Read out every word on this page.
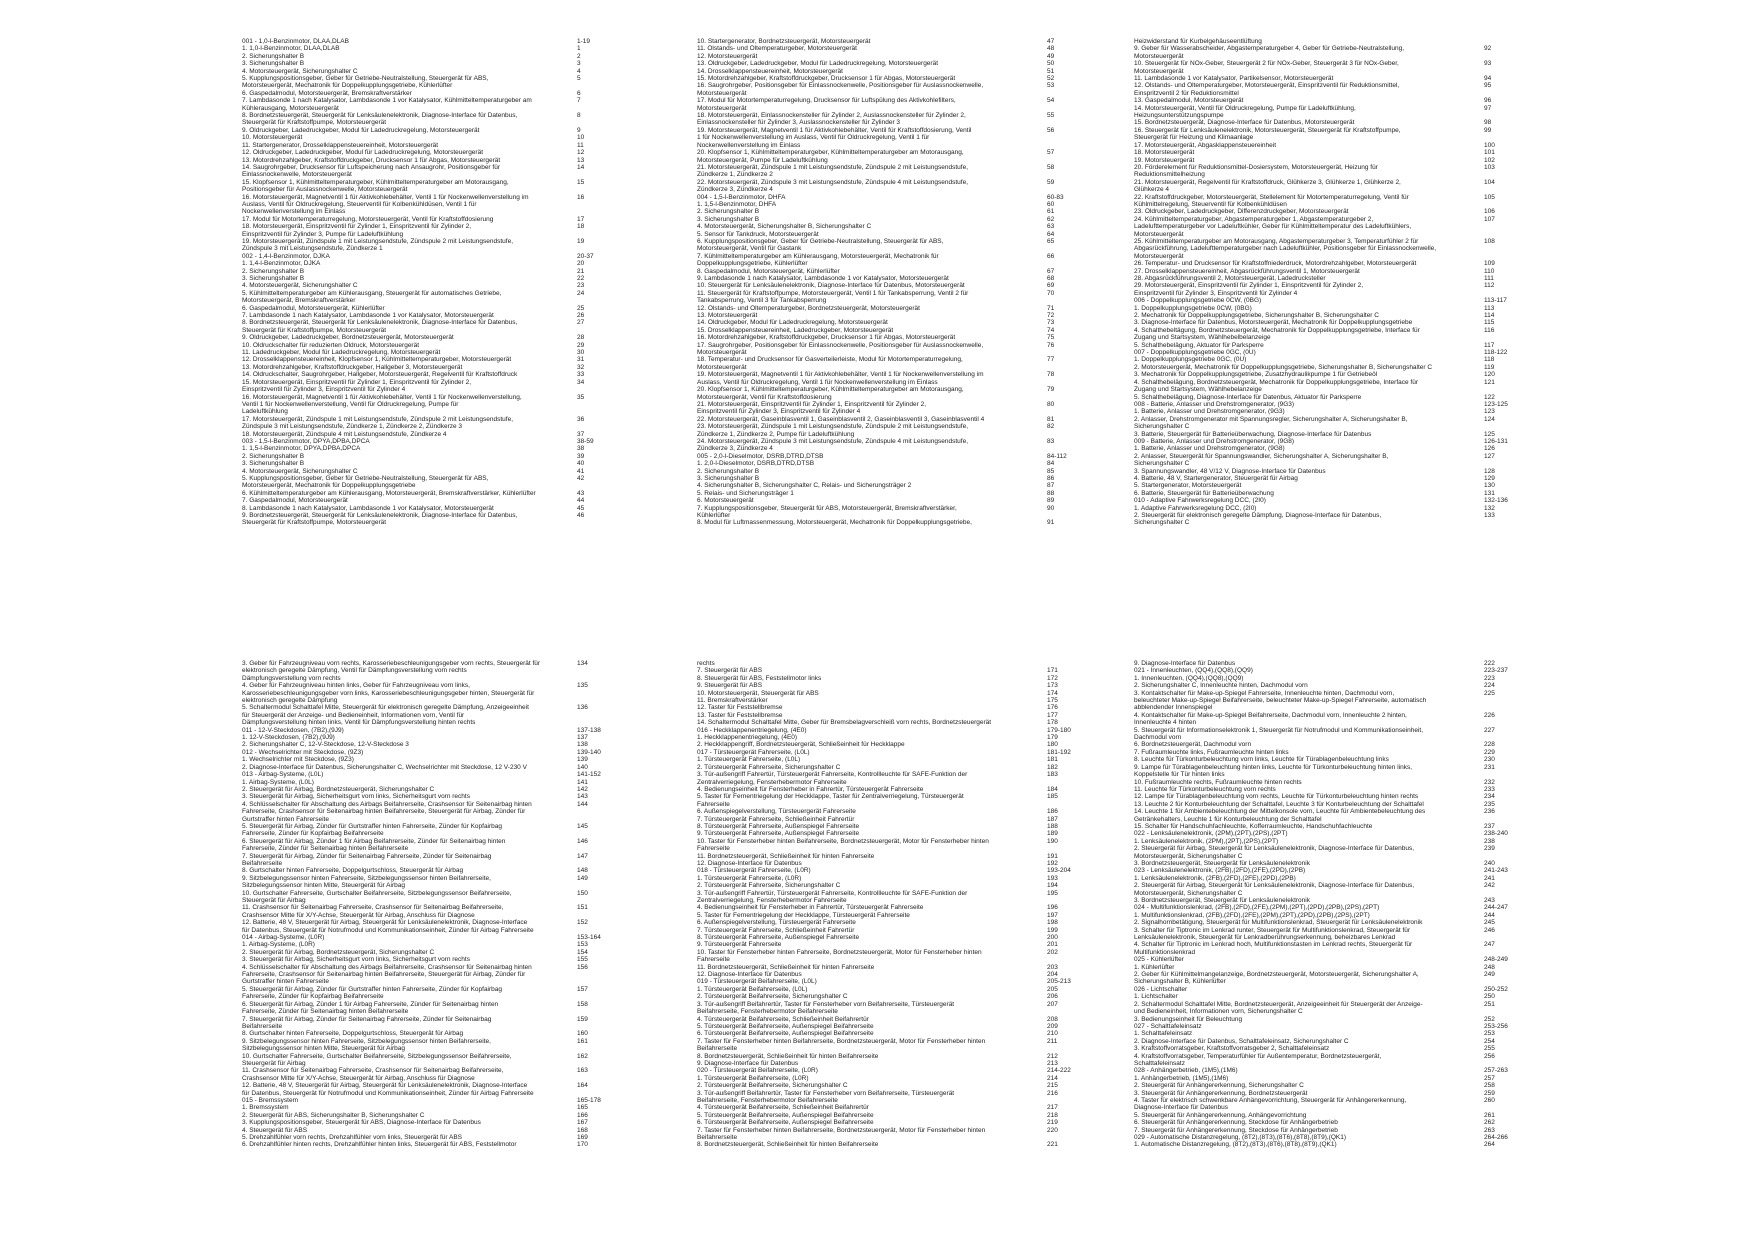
001 - 1,0-l-Benzinmotor, DLAA,DLAB	1-19
1. 1,0-l-Benzinmotor, DLAA,DLAB	1
2. Sicherungshalter B	2
3. Sicherungshalter B	3
4. Motorsteuergerät, Sicherungshalter C	4
5. Kupplungspositionsgeber, Geber für Getriebe-Neutralstellung, Steuergerät für ABS,	5
Motorsteuergerät, Mechatronik für Doppelkupplungsgetriebe, Kühlerlüfter
6. Gaspedalmodul, Motorsteuergerät, Bremskraftverstärker	6
7. Lambdasonde 1 nach Katalysator, Lambdasonde 1 vor Katalysator, Kühlmitteltemperaturgeber am	7
Kühlerausgang, Motorsteuergerät
8. Bordnetzsteuergerät, Steuergerät für Lenksäulenelektronik, Diagnose-Interface für Datenbus,	8
Steuergerät für Kraftstoffpumpe, Motorsteuergerät
9. Öldruckgeber, Ladedruckgeber, Modul für Ladedruckregelung, Motorsteuergerät	9
10. Motorsteuergerät	10
11. Startergenerator, Drosselklappensteuereinheit, Motorsteuergerät	11
12. Öldruckgeber, Ladedruckgeber, Modul für Ladedruckregelung, Motorsteuergerät	12
13. Motordrehzahlgeber, Kraftstoffdruckgeber, Drucksensor 1 für Abgas, Motorsteuergerät	13
14. Saugrohrgeber, Drucksensor für Luftspeicherung nach Ansaugrohr, Positionsgeber für	14
Einlassnockenwelle, Motorsteuergerät
15. Klopfsensor 1, Kühlmitteltemperaturgeber, Kühlmitteltemperaturgeber am Motorausgang,	15
Positionsgeber für Auslassnockenwelle, Motorsteuergerät
16. Motorsteuergerät, Magnetventil 1 für Aktivkohlebehälter, Ventil 1 für Nockenwellenverstellung im	16
Auslass, Ventil für Öldruckregelung, Steuerventil für Kolbenkühldüsen, Ventil 1 für
Nockenwellenverstellung im Einlass
17. Modul für Motortemperaturregelung, Motorsteuergerät, Ventil für Kraftstoffdosierung	17
18. Motorsteuergerät, Einspritzventil für Zylinder 1, Einspritzventil für Zylinder 2,	18
Einspritzventil für Zylinder 3, Pumpe für Ladeluftkühlung
19. Motorsteuergerät, Zündspule 1 mit Leistungsendstufe, Zündspule 2 mit Leistungsendstufe,	19
Zündspule 3 mit Leistungsendstufe, Zündkerze 1
002 - 1,4-l-Benzinmotor, DJKA	20-37
1. 1,4-l-Benzinmotor, DJKA	20
2. Sicherungshalter B	21
3. Sicherungshalter B	22
4. Motorsteuergerät, Sicherungshalter C	23
5. Kühlmitteltemperaturgeber am Kühlerausgang, Steuergerät für automatisches Getriebe,	24
Motorsteuergerät, Bremskraftverstärker
6. Gaspedalmodul, Motorsteuergerät, Kühlerlüfter	25
7. Lambdasonde 1 nach Katalysator, Lambdasonde 1 vor Katalysator, Motorsteuergerät	26
8. Bordnetzsteuergerät, Steuergerät für Lenksäulenelektronik, Diagnose-Interface für Datenbus,	27
Steuergerät für Kraftstoffpumpe, Motorsteuergerät
9. Öldruckgeber, Ladedruckgeber, Bordnetzsteuergerät, Motorsteuergerät	28
10. Öldruckschalter für reduzierten Öldruck, Motorsteuergerät	29
11. Ladedruckgeber, Modul für Ladedruckregelung, Motorsteuergerät	30
12. Drosselklappensteuereinheit, Klopfsensor 1, Kühlmitteltemperaturgeber, Motorsteuergerät	31
13. Motordrehzahlgeber, Kraftstoffdruckgeber, Hallgeber 3, Motorsteuergerät	32
14. Öldruckschalter, Saugrohrgeber, Hallgeber, Motorsteuergerät, Regelventil für Kraftstoffdruck	33
15. Motorsteuergerät, Einspritzventil für Zylinder 1, Einspritzventil für Zylinder 2,	34
Einspritzventil für Zylinder 3, Einspritzventil für Zylinder 4
16. Motorsteuergerät, Magnetventil 1 für Aktivkohlebehälter, Ventil 1 für Nockenwellenverstellung,	35
Ventil 1 für Nockenwellenverstellung, Ventil für Öldruckregelung, Pumpe für
Ladeluftkühlung
17. Motorsteuergerät, Zündspule 1 mit Leistungsendstufe, Zündspule 2 mit Leistungsendstufe,	36
Zündspule 3 mit Leistungsendstufe, Zündkerze 1, Zündkerze 2, Zündkerze 3
18. Motorsteuergerät, Zündspule 4 mit Leistungsendstufe, Zündkerze 4	37
003 - 1,5-l-Benzinmotor, DPYA,DPBA,DPCA	38-59
1. 1,5-l-Benzinmotor, DPYA,DPBA,DPCA	38
2. Sicherungshalter B	39
3. Sicherungshalter B	40
4. Motorsteuergerät, Sicherungshalter C	41
5. Kupplungspositionsgeber, Geber für Getriebe-Neutralstellung, Steuergerät für ABS,	42
Motorsteuergerät, Mechatronik für Doppelkupplungsgetriebe
6. Kühlmitteltemperaturgeber am Kühlerausgang, Motorsteuergerät, Bremskraftverstärker, Kühlerlüfter	43
7. Gaspedalmodul, Motorsteuergerät	44
8. Lambdasonde 1 nach Katalysator, Lambdasonde 1 vor Katalysator, Motorsteuergerät	45
9. Bordnetzsteuergerät, Steuergerät für Lenksäulenelektronik, Diagnose-Interface für Datenbus,	46
Steuergerät für Kraftstoffpumpe, Motorsteuergerät
10. Startergenerator, Bordnetzsteuergerät, Motorsteuergerät	47
11. Ölstands- und Öltemperaturgeber, Motorsteuergerät	48
12. Motorsteuergerät	49
13. Öldruckgeber, Ladedruckgeber, Modul für Ladedruckregelung, Motorsteuergerät	50
14. Drosselklappensteuereinheit, Motorsteuergerät	51
15. Motordrehzahlgeber, Kraftstoffdruckgeber, Drucksensor 1 für Abgas, Motorsteuergerät	52
16. Saugrohrgeber, Positionsgeber für Einlassnockenwelle, Positionsgeber für Auslassnockenwelle,	53
Motorsteuergerät
17. Modul für Motortemperaturregelung, Drucksensor für Luftspülung des Aktivkohlefilters,	54
Motorsteuergerät
18. Motorsteuergerät, Einlassnockensteller für Zylinder 2, Auslassnockensteller für Zylinder 2,	55
Einlassnockensteller für Zylinder 3, Auslassnockensteller für Zylinder 3
19. Motorsteuergerät, Magnetventil 1 für Aktivkohlebehälter, Ventil für Kraftstoffdosierung, Ventil	56
1 für Nockenwellenverstellung im Auslass, Ventil für Öldruckregelung, Ventil 1 für
Nockenwellenverstellung im Einlass
20. Klopfsensor 1, Kühlmitteltemperaturgeber, Kühlmitteltemperaturgeber am Motorausgang,	57
Motorsteuergerät, Pumpe für Ladeluftkühlung
21. Motorsteuergerät, Zündspule 1 mit Leistungsendstufe, Zündspule 2 mit Leistungsendstufe,	58
Zündkerze 1, Zündkerze 2
22. Motorsteuergerät, Zündspule 3 mit Leistungsendstufe, Zündspule 4 mit Leistungsendstufe,	59
Zündkerze 3, Zündkerze 4
004 - 1,5-l-Benzinmotor, DHFA	60-83
1. 1,5-l-Benzinmotor, DHFA	60
2. Sicherungshalter B	61
3. Sicherungshalter B	62
4. Motorsteuergerät, Sicherungshalter B, Sicherungshalter C	63
5. Sensor für Tankdruck, Motorsteuergerät	64
6. Kupplungspositionsgeber, Geber für Getriebe-Neutralstellung, Steuergerät für ABS,	65
Motorsteuergerät, Ventil für Gastank
7. Kühlmitteltemperaturgeber am Kühlerausgang, Motorsteuergerät, Mechatronik für	66
Doppelkupplungsgetriebe, Kühlerlüfter
8. Gaspedalmodul, Motorsteuergerät, Kühlerlüfter	67
9. Lambdasonde 1 nach Katalysator, Lambdasonde 1 vor Katalysator, Motorsteuergerät	68
10. Steuergerät für Lenksäulenelektronik, Diagnose-Interface für Datenbus, Motorsteuergerät	69
11. Steuergerät für Kraftstoffpumpe, Motorsteuergerät, Ventil 1 für Tankabsperrung, Ventil 2 für	70
Tankabsperrung, Ventil 3 für Tankabsperrung
12. Ölstands- und Öltemperaturgeber, Bordnetzsteuergerät, Motorsteuergerät	71
13. Motorsteuergerät	72
14. Öldruckgeber, Modul für Ladedruckregelung, Motorsteuergerät	73
15. Drosselklappensteuereinheit, Ladedruckgeber, Motorsteuergerät	74
16. Motordrehzahlgeber, Kraftstoffdruckgeber, Drucksensor 1 für Abgas, Motorsteuergerät	75
17. Saugrohrgeber, Positionsgeber für Einlassnockenwelle, Positionsgeber für Auslassnockenwelle,	76
Motorsteuergerät
18. Temperatur- und Drucksensor für Gasverteilerleiste, Modul für Motortemperaturregelung,	77
Motorsteuergerät
19. Motorsteuergerät, Magnetventil 1 für Aktivkohlebehälter, Ventil 1 für Nockenwellenverstellung im	78
Auslass, Ventil für Öldruckregelung, Ventil 1 für Nockenwellenverstellung im Einlass
20. Klopfsensor 1, Kühlmitteltemperaturgeber, Kühlmitteltemperaturgeber am Motorausgang,	79
Motorsteuergerät, Ventil für Kraftstoffdosierung
21. Motorsteuergerät, Einspritzventil für Zylinder 1, Einspritzventil für Zylinder 2,	80
Einspritzventil für Zylinder 3, Einspritzventil für Zylinder 4
22. Motorsteuergerät, Gaseinblasventil 1, Gaseinblasventil 2, Gaseinblasventil 3, Gaseinblasventil 4	81
23. Motorsteuergerät, Zündspule 1 mit Leistungsendstufe, Zündspule 2 mit Leistungsendstufe,	82
Zündkerze 1, Zündkerze 2, Pumpe für Ladeluftkühlung
24. Motorsteuergerät, Zündspule 3 mit Leistungsendstufe, Zündspule 4 mit Leistungsendstufe,	83
Zündkerze 3, Zündkerze 4
005 - 2,0-l-Dieselmotor, DSRB,DTRD,DTSB	84-112
1. 2,0-l-Dieselmotor, DSRB,DTRD,DTSB	84
2. Sicherungshalter B	85
3. Sicherungshalter B	86
4. Sicherungshalter B, Sicherungshalter C, Relais- und Sicherungsträger 2	87
5. Relais- und Sicherungsträger 1	88
6. Motorsteuergerät	89
7. Kupplungspositionsgeber, Steuergerät für ABS, Motorsteuergerät, Bremskraftverstärker,	90
Kühlerlüfter
8. Modul für Luftmassenmessung, Motorsteuergerät, Mechatronik für Doppelkupplungsgetriebe,	91
Heizwiderstand für Kurbelgehäuseentlüftung
9. Geber für Wasserabscheider, Abgastemperaturgeber 4, Geber für Getriebe-Neutralstellung,	92
Motorsteuergerät
10. Steuergerät für NOx-Geber, Steuergerät 2 für NOx-Geber, Steuergerät 3 für NOx-Geber,	93
Motorsteuergerät
11. Lambdasonde 1 vor Katalysator, Partikelsensor, Motorsteuergerät	94
12. Ölstands- und Öltemperaturgeber, Motorsteuergerät, Einspritzventil für Reduktionsmittel,	95
Einspritzventil 2 für Reduktionsmittel
13. Gaspedalmodul, Motorsteuergerät	96
14. Motorsteuergerät, Ventil für Öldruckregelung, Pumpe für Ladeluftkühlung,	97
Heizungsunterstützungspumpe
15. Bordnetzsteuergerät, Diagnose-Interface für Datenbus, Motorsteuergerät	98
16. Steuergerät für Lenksäulenelektronik, Motorsteuergerät, Steuergerät für Kraftstoffpumpe,	99
Steuergerät für Heizung und Klimaanlage
17. Motorsteuergerät, Abgasklappensteuereinheit	100
18. Motorsteuergerät	101
19. Motorsteuergerät	102
20. Förderelement für Reduktionsmittel-Dosiersystem, Motorsteuergerät, Heizung für	103
Reduktionsmittelheizung
21. Motorsteuergerät, Regelventil für Kraftstoffdruck, Glühkerze 3, Glühkerze 1, Glühkerze 2,	104
Glühkerze 4
22. Kraftstoffdruckgeber, Motorsteuergerät, Stellelement für Motortemperaturregelung, Ventil für	105
Kühlmittelregelung, Steuerventil für Kolbenkühldüsen
23. Öldruckgeber, Ladedruckgeber, Differenzdruckgeber, Motorsteuergerät	106
24. Kühlmitteltemperaturgeber, Abgastemperaturgeber 1, Abgastemperaturgeber 2,	107
Ladelufttemperaturgeber vor Ladeluftkühler, Geber für Kühlmitteltemperatur des Ladeluftkühlers,
Motorsteuergerät
25. Kühlmitteltemperaturgeber am Motorausgang, Abgastemperaturgeber 3, Temperaturfühler 2 für	108
Abgasrückführung, Ladelufttemperaturgeber nach Ladeluftkühler, Positionsgeber für Einlassnockenwelle,
Motorsteuergerät
26. Temperatur- und Drucksensor für Kraftstoffniederdruck, Motordrehzahlgeber, Motorsteuergerät	109
27. Drosselklappensteuereinheit, Abgasrückführungsventil 1, Motorsteuergerät	110
28. Abgasrückführungsventil 2, Motorsteuergerät, Ladedrucksteller	111
29. Motorsteuergerät, Einspritzventil für Zylinder 1, Einspritzventil für Zylinder 2,	112
Einspritzventil für Zylinder 3, Einspritzventil für Zylinder 4
006 - Doppelkupplungsgetriebe 0CW, (0BG)	113-117
1. Doppelkupplungsgetriebe 0CW, (0BG)	113
2. Mechatronik für Doppelkupplungsgetriebe, Sicherungshalter B, Sicherungshalter C	114
3. Diagnose-Interface für Datenbus, Motorsteuergerät, Mechatronik für Doppelkupplungsgetriebe	115
4. Schalthebeltägung, Bordnetzsteuergerät, Mechatronik für Doppelkupplungsgetriebe, Interface für	116
Zugang und Startsystem, Wählhebelbelanzeige
5. Schalthebelägung, Aktuator für Parksperre	117
007 - Doppelkupplungsgetriebe 0GC, (0U)	118-122
1. Doppelkupplungsgetriebe 0GC, (0U)	118
2. Motorsteuergerät, Mechatronik für Doppelkupplungsgetriebe, Sicherungshalter B, Sicherungshalter C	119
3. Mechatronik für Doppelkupplungsgetriebe, Zusatzhydraulikpumpe 1 für Getriebeöl	120
4. Schalthebelägung, Bordnetzsteuergerät, Mechatronik für Doppelkupplungsgetriebe, Interface für	121
Zugang und Startsystem, Wählhebelanzeige
5. Schalthebelägung, Diagnose-Interface für Datenbus, Aktuator für Parksperre	122
008 - Batterie, Anlasser und Drehstromgenerator, (9G3)	123-125
1. Batterie, Anlasser und Drehstromgenerator, (9G3)	123
2. Anlasser, Drehstromgenerator mit Spannungsregler, Sicherungshalter A, Sicherungshalter B,	124
Sicherungshalter C
3. Batterie, Steuergerät für Batterieüberwachung, Diagnose-Interface für Datenbus	125
009 - Batterie, Anlasser und Drehstromgenerator, (9G8)	126-131
1. Batterie, Anlasser und Drehstromgenerator, (9G8)	126
2. Anlasser, Steuergerät für Spannungswandler, Sicherungshalter A, Sicherungshalter B,	127
Sicherungshalter C
3. Spannungswandler, 48 V/12 V, Diagnose-Interface für Datenbus	128
4. Batterie, 48 V, Startergenerator, Steuergerät für Airbag	129
5. Startergenerator, Motorsteuergerät	130
6. Batterie, Steuergerät für Batterieüberwachung	131
010 - Adaptive Fahrwerksregelung DCC, (2I0)	132-136
1. Adaptive Fahrwerksregelung DCC, (2I0)	132
2. Steuergerät für elektronisch geregelte Dämpfung, Diagnose-Interface für Datenbus,	133
Sicherungshalter C
3. Geber für Fahrzeugniveau vorn rechts, Karosseriebeschleunigungsgeber vorn rechts, Steuergerät für	134
elektronisch geregelte Dämpfung, Ventil für Dämpfungsverstellung vorn rechts
Dämpfungsverstellung vorn rechts
4. Geber für Fahrzeugniveau hinten links, Geber für Fahrzeugniveau vorn links,	135
Karosseriebeschleunigungsgeber vorn links, Karosseriebeschleunigungsgeber hinten, Steuergerät für
elektronisch geregelte Dämpfung
5. Schaltermodul Schalttafel Mitte, Steuergerät für elektronisch geregelte Dämpfung, Anzeigeeinheit	136
für Steuergerät der Anzeige- und Bedieneinheit, Informationen vorn, Ventil für
Dämpfungsverstellung hinten links, Ventil für Dämpfungsverstellung hinten rechts
011 - 12-V-Steckdosen, (7B2),(9J9)	137-138
1. 12-V-Steckdosen, (7B2),(9J9)	137
2. Sicherungshalter C, 12-V-Steckdose, 12-V-Steckdose 3	138
012 - Wechselrichter mit Steckdose, (9Z3)	139-140
1. Wechselrichter mit Steckdose, (9Z3)	139
2. Diagnose-Interface für Datenbus, Sicherungshalter C, Wechselrichter mit Steckdose, 12 V-230 V	140
013 - Airbag-Systeme, (L0L)	141-152
1. Airbag-Systeme, (L0L)	141
2. Steuergerät für Airbag, Bordnetzsteuergerät, Sicherungshalter C	142
3. Steuergerät für Airbag, Sicherheitsgurt vorn links, Sicherheitsgurt vorn rechts	143
4. Schlüsselschalter für Abschaltung des Airbags Beifahrerseite, Crashsensor für Seitenairbag hinten	144
Fahrerseite, Crashsensor für Seitenairbag hinten Beifahrerseite, Steuergerät für Airbag, Zünder für
Gurtstraffer hinten Fahrerseite
5. Steuergerät für Airbag, Zünder für Gurtstraffer hinten Fahrerseite, Zünder für Kopfairbag	145
Fahrerseite, Zünder für Kopfairbag Beifahrerseite
6. Steuergerät für Airbag, Zünder 1 für Airbag Beifahrerseite, Zünder für Seitenairbag hinten	146
Fahrerseite, Zünder für Seitenairbag hinten Beifahrerseite
7. Steuergerät für Airbag, Zünder für Seitenairbag Fahrerseite, Zünder für Seitenairbag	147
Beifahrerseite
8. Gurtschalter hinten Fahrerseite, Doppelgurtschloss, Steuergerät für Airbag	148
9. Sitzbelegungssensor hinten Fahrerseite, Sitzbelegungssensor hinten Beifahrerseite,	149
Sitzbelegungssensor hinten Mitte, Steuergerät für Airbag
10. Gurtschalter Fahrerseite, Gurtschalter Beifahrerseite, Sitzbelegungssensor Beifahrerseite,	150
Steuergerät für Airbag
11. Crashsensor für Seitenairbag Fahrerseite, Crashsensor für Seitenairbag Beifahrerseite,	151
Crashsensor Mitte für X/Y-Achse, Steuergerät für Airbag, Anschluss für Diagnose
12. Batterie, 48 V, Steuergerät für Airbag, Steuergerät für Lenksäulenelektronik, Diagnose-Interface	152
für Datenbus, Steuergerät für Notrufmodul und Kommunikationseinheit, Zünder für Airbag Fahrerseite
014 - Airbag-Systeme, (L0R)	153-164
1. Airbag-Systeme, (L0R)	153
2. Steuergerät für Airbag, Bordnetzsteuergerät, Sicherungshalter C	154
3. Steuergerät für Airbag, Sicherheitsgurt vorn links, Sicherheitsgurt vorn rechts	155
4. Schlüsselschalter für Abschaltung des Airbags Beifahrerseite, Crashsensor für Seitenairbag hinten	156
Fahrerseite, Crashsensor für Seitenairbag hinten Beifahrerseite, Steuergerät für Airbag, Zünder für
Gurtstraffer hinten Fahrerseite
5. Steuergerät für Airbag, Zünder für Gurtstraffer hinten Fahrerseite, Zünder für Kopfairbag	157
Fahrerseite, Zünder für Kopfairbag Beifahrerseite
6. Steuergerät für Airbag, Zünder 1 für Airbag Fahrerseite, Zünder für Seitenairbag hinten	158
Fahrerseite, Zünder für Seitenairbag hinten Beifahrerseite
7. Steuergerät für Airbag, Zünder für Seitenairbag Fahrerseite, Zünder für Seitenairbag	159
Beifahrerseite
8. Gurtschalter hinten Fahrerseite, Doppelgurtschloss, Steuergerät für Airbag	160
9. Sitzbelegungssensor hinten Fahrerseite, Sitzbelegungssensor hinten Beifahrerseite,	161
Sitzbelegungssensor hinten Mitte, Steuergerät für Airbag
10. Gurtschalter Fahrerseite, Gurtschalter Beifahrerseite, Sitzbelegungssensor Beifahrerseite,	162
Steuergerät für Airbag
11. Crashsensor für Seitenairbag Fahrerseite, Crashsensor für Seitenairbag Beifahrerseite,	163
Crashsensor Mitte für X/Y-Achse, Steuergerät für Airbag, Anschluss für Diagnose
12. Batterie, 48 V, Steuergerät für Airbag, Steuergerät für Lenksäulenelektronik, Diagnose-Interface	164
für Datenbus, Steuergerät für Notrufmodul und Kommunikationseinheit, Zünder für Airbag Fahrerseite
015 - Bremssystem	165-178
1. Bremssystem	165
2. Steuergerät für ABS, Sicherungshalter B, Sicherungshalter C	166
3. Kupplungspositionsgeber, Steuergerät für ABS, Diagnose-Interface für Datenbus	167
4. Steuergerät für ABS	168
5. Drehzahlfühler vorn rechts, Drehzahlfühler vorn links, Steuergerät für ABS	169
6. Drehzahlfühler hinten rechts, Drehzahlfühler hinten links, Steuergerät für ABS, Feststellmotor	170
rechts
7. Steuergerät für ABS	171
8. Steuergerät für ABS, Feststellmotor links	172
9. Steuergerät für ABS	173
10. Motorsteuergerät, Steuergerät für ABS	174
11. Bremskraftverstärker	175
12. Taster für Feststellbremse	176
13. Taster für Feststellbremse	177
14. Schaltermodul Schalttafel Mitte, Geber für Bremsbelagverschleiß vorn rechts, Bordnetzsteuergerät	178
016 - Heckklappenentriegelung, (4E0)	179-180
1. Heckklappenentriegelung, (4E0)	179
2. Heckklappengriff, Bordnetzsteuergerät, Schließeinheit für Heckklappe	180
017 - Türsteuergerät Fahrerseite, (L0L)	181-192
1. Türsteuergerät Fahrerseite, (L0L)	181
2. Türsteuergerät Fahrerseite, Sicherungshalter C	182
3. Tür-außengriff Fahrertür, Türsteuergerät Fahrerseite, Kontrollleuchte für SAFE-Funktion der	183
Zentralverriegelung, Fensterhebermotor Fahrerseite
4. Bedienungseinheit für Fensterheber in Fahrertür, Türsteuergerät Fahrerseite	184
5. Taster für Fernentriegelung der Heckklappe, Taster für Zentralverriegelung, Türsteuergerät	185
Fahrerseite
6. Außenspiegelverstellung, Türsteuergerät Fahrerseite	186
7. Türsteuergerät Fahrerseite, Schließeinheit Fahrertür	187
8. Türsteuergerät Fahrerseite, Außenspiegel Fahrerseite	188
9. Türsteuergerät Fahrerseite, Außenspiegel Fahrerseite	189
10. Taster für Fensterheber hinten Beifahrerseite, Bordnetzsteuergerät, Motor für Fensterheber hinten	190
Fahrerseite
11. Bordnetzsteuergerät, Schließeinheit für hinten Fahrerseite	191
12. Diagnose-Interface für Datenbus	192
018 - Türsteuergerät Fahrerseite, (L0R)	193-204
1. Türsteuergerät Fahrerseite, (L0R)	193
2. Türsteuergerät Fahrerseite, Sicherungshalter C	194
3. Tür-außengriff Fahrertür, Türsteuergerät Fahrerseite, Kontrollleuchte für SAFE-Funktion der	195
Zentralverriegelung, Fensterhebermotor Fahrerseite
4. Bedienungseinheit für Fensterheber in Fahrertür, Türsteuergerät Fahrerseite	196
5. Taster für Fernentriegelung der Heckklappe, Türsteuergerät Fahrerseite	197
6. Außenspiegelverstellung, Türsteuergerät Fahrerseite	198
7. Türsteuergerät Fahrerseite, Schließeinheit Fahrertür	199
8. Türsteuergerät Fahrerseite, Außenspiegel Fahrerseite	200
9. Türsteuergerät Fahrerseite	201
10. Taster für Fensterheber hinten Fahrerseite, Bordnetzsteuergerät, Motor für Fensterheber hinten	202
Fahrerseite
11. Bordnetzsteuergerät, Schließeinheit für hinten Fahrerseite	203
12. Diagnose-Interface für Datenbus	204
019 - Türsteuergerät Beifahrerseite, (L0L)	205-213
1. Türsteuergerät Beifahrerseite, (L0L)	205
2. Türsteuergerät Beifahrerseite, Sicherungshalter C	206
3. Tür-außengriff Beifahrertür, Taster für Fensterheber vorn Beifahrerseite, Türsteuergerät	207
Beifahrerseite, Fensterhebermotor Beifahrerseite
4. Türsteuergerät Beifahrerseite, Schließeinheit Beifahrertür	208
5. Türsteuergerät Beifahrerseite, Außenspiegel Beifahrerseite	209
6. Türsteuergerät Beifahrerseite, Außenspiegel Beifahrerseite	210
7. Taster für Fensterheber hinten Beifahrerseite, Bordnetzsteuergerät, Motor für Fensterheber hinten	211
Beifahrerseite
8. Bordnetzsteuergerät, Schließeinheit für hinten Beifahrerseite	212
9. Diagnose-Interface für Datenbus	213
020 - Türsteuergerät Beifahrerseite, (L0R)	214-222
1. Türsteuergerät Beifahrerseite, (L0R)	214
2. Türsteuergerät Beifahrerseite, Sicherungshalter C	215
3. Tür-außengriff Beifahrertür, Taster für Fensterheber vorn Beifahrerseite, Türsteuergerät	216
Beifahrerseite, Fensterhebermotor Beifahrerseite
4. Türsteuergerät Beifahrerseite, Schließeinheit Beifahrertür	217
5. Türsteuergerät Beifahrerseite, Außenspiegel Beifahrerseite	218
6. Türsteuergerät Beifahrerseite, Außenspiegel Beifahrerseite	219
7. Taster für Fensterheber hinten Beifahrerseite, Bordnetzsteuergerät, Motor für Fensterheber hinten	220
Beifahrerseite
8. Bordnetzsteuergerät, Schließeinheit für hinten Beifahrerseite	221
9. Diagnose-Interface für Datenbus	222
021 - Innenleuchten, (QQ4),(QQ8),(QQ9)	223-237
1. Innenleuchten, (QQ4),(QQ8),(QQ9)	223
2. Sicherungshalter C, Innenleuchte hinten, Dachmodul vorn	224
3. Kontaktschalter für Make-up-Spiegel Fahrerseite, Innenleuchte hinten, Dachmodul vorn,	225
beleuchteter Make-up-Spiegel Beifahrerseite, beleuchteter Make-up-Spiegel Fahrerseite, automatisch
abblendender Innenspiegel
4. Kontaktschalter für Make-up-Spiegel Beifahrerseite, Dachmodul vorn, Innenleuchte 2 hinten,	226
Innenleuchte 4 hinten
5. Steuergerät für Informationselektronik 1, Steuergerät für Notrufmodul und Kommunikationseinheit,	227
Dachmodul vorn
6. Bordnetzsteuergerät, Dachmodul vorn	228
7. Fußraumleuchte links, Fußraumleuchte hinten links	229
8. Leuchte für Türkonturbeleuchtung vorn links, Leuchte für Türablagenbeleuchtung links	230
9. Lampe für Türablagenbeleuchtung hinten links, Leuchte für Türkonturbeleuchtung hinten links,	231
Koppelstelle für Tür hinten links
10. Fußraumleuchte rechts, Fußraumleuchte hinten rechts	232
11. Leuchte für Türkonturbeleuchtung vorn rechts	233
12. Lampe für Türablagenbeleuchtung vorn rechts, Leuchte für Türkonturbeleuchtung hinten rechts	234
13. Leuchte 2 für Konturbeleuchtung der Schalttafel, Leuchte 3 für Konturbeleuchtung der Schalttafel	235
14. Leuchte 1 für Ambientebeleuchtung der Mittelkonsole vorn, Leuchte für Ambientebeleuchtung des	236
Getränkehalters, Leuchte 1 für Konturbeleuchtung der Schalttafel
15. Schalter für Handschuhfachleuchte, Kofferraumleuchte, Handschuhfachleuchte	237
022 - Lenksäulenelektronik, (2PM),(2PT),(2PS),(2PT)	238-240
1. Lenksäulenelektronik, (2PM),(2PT),(2PS),(2PT)	238
2. Steuergerät für Airbag, Steuergerät für Lenksäulenelektronik, Diagnose-Interface für Datenbus,	239
Motorsteuergerät, Sicherungshalter C
3. Bordnetzsteuergerät, Steuergerät für Lenksäulenelektronik	240
023 - Lenksäulenelektronik, (2FB),(2FD),(2FE),(2PD),(2PB)	241-243
1. Lenksäulenelektronik, (2FB),(2FD),(2FE),(2PD),(2PB)	241
2. Steuergerät für Airbag, Steuergerät für Lenksäulenelektronik, Diagnose-Interface für Datenbus,	242
Motorsteuergerät, Sicherungshalter C
3. Bordnetzsteuergerät, Steuergerät für Lenksäulenelektronik	243
024 - Multifunktionslenkrad, (2FB),(2FD),(2FE),(2PM),(2PT),(2PD),(2PB),(2PS),(2PT)	244-247
1. Multifunktionslenkrad, (2FB),(2FD),(2FE),(2PM),(2PT),(2PD),(2PB),(2PS),(2PT)	244
2. Signalhornbetätigung, Steuergerät für Multifunktionslenkrad, Steuergerät für Lenksäulenelektronik	245
3. Schalter für Tiptronic im Lenkrad runter, Steuergerät für Multifunktionslenkrad, Steuergerät für	246
Lenksäulenelektronik, Steuergerät für Lenkradberührungserkennung, beheizbares Lenkrad
4. Schalter für Tiptronic im Lenkrad hoch, Multifunktionstasten im Lenkrad rechts, Steuergerät für	247
Multifunktionslenkrad
025 - Kühlerlüfter	248-249
1. Kühlerlüfter	248
2. Geber für Kühlmittelmangelanzeige, Bordnetzsteuergerät, Motorsteuergerät, Sicherungshalter A,	249
Sicherungshalter B, Kühlerlüfter
026 - Lichtschalter	250-252
1. Lichtschalter	250
2. Schaltermodul Schalttafel Mitte, Bordnetzsteuergerät, Anzeigeeinheit für Steuergerät der Anzeige-	251
und Bedieneinheit, Informationen vorn, Sicherungshalter C
3. Bedienungseinheit für Beleuchtung	252
027 - Schalttafeleinsatz	253-256
1. Schalttafeleinsatz	253
2. Diagnose-Interface für Datenbus, Schalttafeleinsatz, Sicherungshalter C	254
3. Kraftstoffvorratsgeber, Kraftstoffvorratsgeber 2, Schalttafeleinsatz	255
4. Kraftstoffvorratsgeber, Temperaturfühler für Außentemperatur, Bordnetzsteuergerät,	256
Schalttafeleinsatz
028 - Anhängerbetrieb, (1M5),(1M6)	257-263
1. Anhängerbetrieb, (1M5),(1M6)	257
2. Steuergerät für Anhängererkennung, Sicherungshalter C	258
3. Steuergerät für Anhängererkennung, Bordnetzsteuergerät	259
4. Taster für elektrisch schwenkbare Anhängevorrichtung, Steuergerät für Anhängererkennung,	260
Diagnose-Interface für Datenbus
5. Steuergerät für Anhängererkennung, Anhängevorrichtung	261
6. Steuergerät für Anhängererkennung, Steckdose für Anhängerbetrieb	262
7. Steuergerät für Anhängererkennung, Steckdose für Anhängerbetrieb	263
029 - Automatische Distanzregelung, (8T2),(8T3),(8T6),(8T8),(8T9),(QK1)	264-266
1. Automatische Distanzregelung, (8T2),(8T3),(8T6),(8T8),(8T9),(QK1)	264
